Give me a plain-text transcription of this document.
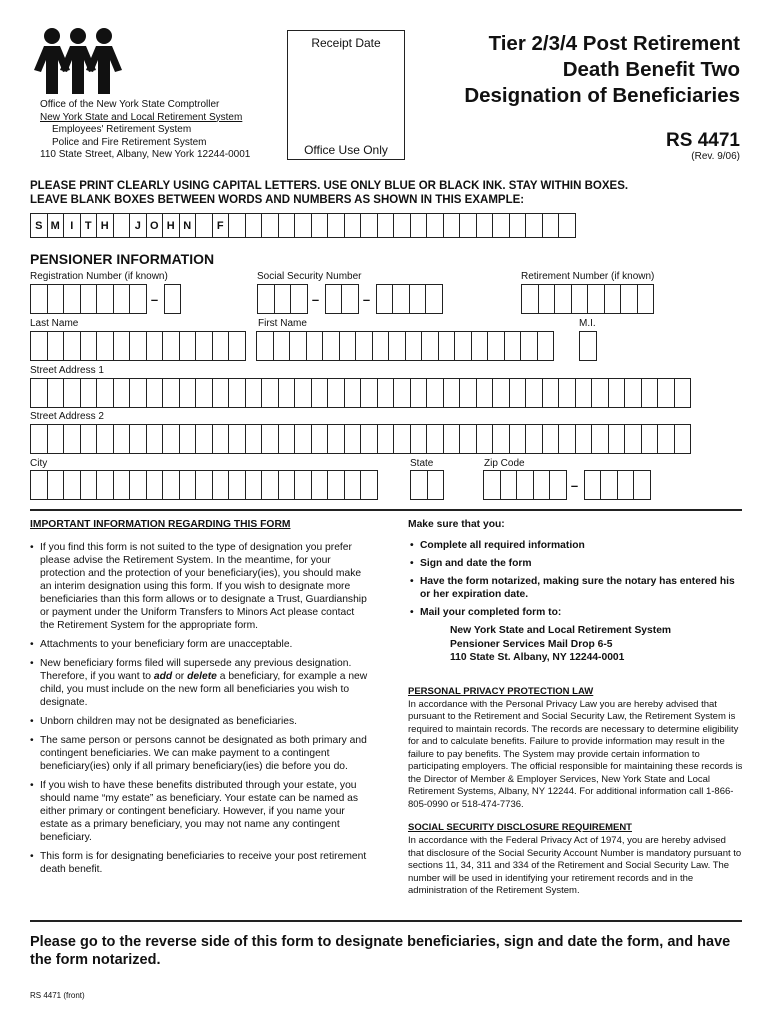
Office of the New York State Comptroller
New York State and Local Retirement System
Employees' Retirement System
Police and Fire Retirement System
110 State Street, Albany, New York 12244-0001
Receipt Date
Office Use Only
Tier 2/3/4 Post Retirement
Death Benefit Two
Designation of Beneficiaries
RS 4471
(Rev. 9/06)
PLEASE PRINT CLEARLY USING CAPITAL LETTERS. USE ONLY BLUE OR BLACK INK. STAY WITHIN BOXES.
LEAVE BLANK BOXES BETWEEN WORDS AND NUMBERS AS SHOWN IN THIS EXAMPLE:
S M I	T H	J O H N	F
PENSIONER INFORMATION
Registration Number (if known)	Social Security Number	Retirement Number (if known)
–	–	–
Last Name	First Name	M.I.
Street Address 1
Street Address 2
City	State	Zip Code
–
IMPORTANT INFORMATION REGARDING THIS FORM
• If you find this form is not suited to the type of designation you prefer please advise the Retirement System. In the meantime, for your protection and the protection of your beneficiary(ies), you should make an interim designation using this form. If you wish to designate more beneficiaries than this form allows or to designate a Trust, Guardianship or payment under the Uniform Transfers to Minors Act please contact the Retirement System for the appropriate form.
• Attachments to your beneficiary form are unacceptable.
• New beneficiary forms filed will supersede any previous designation. Therefore, if you want to add or delete a beneficiary, for example a new child, you must include on the new form all beneficiaries you wish to designate.
• Unborn children may not be designated as beneficiaries.
• The same person or persons cannot be designated as both primary and contingent beneficiaries. We can make payment to a contingent beneficiary(ies) only if all primary beneficiary(ies) die before you do.
• If you wish to have these benefits distributed through your estate, you should name “my estate” as beneficiary. Your estate can be named as either primary or contingent beneficiary. However, if you name your estate as a primary beneficiary, you may not name any contingent beneficiary.
• This form is for designating beneficiaries to receive your post retirement death benefit.
Make sure that you:
• Complete all required information
• Sign and date the form
• Have the form notarized, making sure the notary has entered his or her expiration date.
• Mail your completed form to:
New York State and Local Retirement System
Pensioner Services Mail Drop 6-5
110 State St. Albany, NY 12244-0001
PERSONAL PRIVACY PROTECTION LAW

In accordance with the Personal Privacy Law you are hereby advised that pursuant to the Retirement and Social Security Law, the Retirement System is required to maintain records. The records are necessary to determine eligibility for and to calculate benefits. Failure to provide information may result in the failure to pay benefits. The System may provide certain information to participating employers. The official responsible for maintaining these records is the Director of Member & Employer Services, New York State and Local Retirement Systems, Albany, NY 12244. For additional information call 1-866-805-0990 or 518-474-7736.

SOCIAL SECURITY DISCLOSURE REQUIREMENT

In accordance with the Federal Privacy Act of 1974, you are hereby advised that disclosure of the Social Security Account Number is mandatory pursuant to sections 11, 34, 311 and 334 of the Retirement and Social Security Law. The number will be used in identifying your retirement records and in the administration of the Retirement System.

Please go to the reverse side of this form to designate beneficiaries, sign and date the form, and have the form notarized.
RS 4471 (front)
